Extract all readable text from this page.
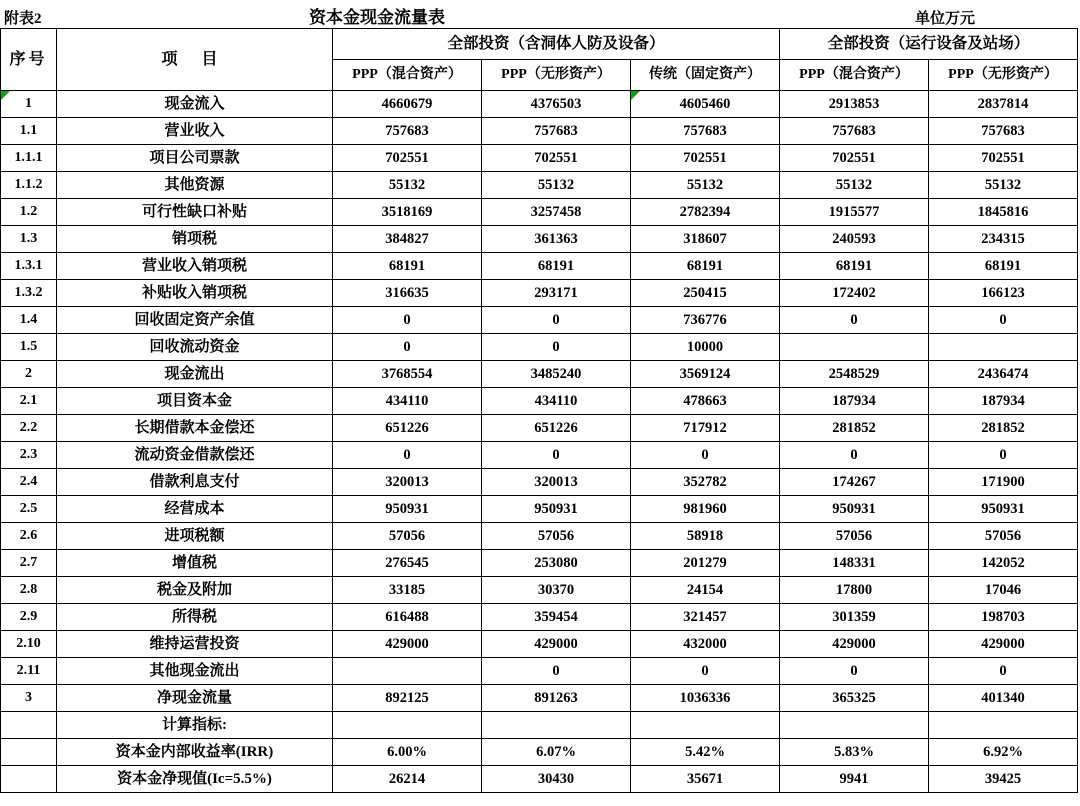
附表2	资本金现金流量表	单位万元
序号	项 目	全部投资（含洞体人防及设备）			全部投资（运行设备及站场）	
		PPP（混合资产）	PPP（无形资产）	传统（固定资产）	PPP（混合资产）	PPP（无形资产）
1	现金流入	4660679	4376503	4605460	2913853	2837814
1.1	营业收入	757683	757683	757683	757683	757683
1.1.1	项目公司票款	702551	702551	702551	702551	702551
1.1.2	其他资源	55132	55132	55132	55132	55132
1.2	可行性缺口补贴	3518169	3257458	2782394	1915577	1845816
1.3	销项税	384827	361363	318607	240593	234315
1.3.1	营业收入销项税	68191	68191	68191	68191	68191
1.3.2	补贴收入销项税	316635	293171	250415	172402	166123
1.4	回收固定资产余值	0	0	736776	0	0
1.5	回收流动资金	0	0	10000		
2	现金流出	3768554	3485240	3569124	2548529	2436474
2.1	项目资本金	434110	434110	478663	187934	187934
2.2	长期借款本金偿还	651226	651226	717912	281852	281852
2.3	流动资金借款偿还	0	0	0	0	0
2.4	借款利息支付	320013	320013	352782	174267	171900
2.5	经营成本	950931	950931	981960	950931	950931
2.6	进项税额	57056	57056	58918	57056	57056
2.7	增值税	276545	253080	201279	148331	142052
2.8	税金及附加	33185	30370	24154	17800	17046
2.9	所得税	616488	359454	321457	301359	198703
2.10	维持运营投资	429000	429000	432000	429000	429000
2.11	其他现金流出		0	0	0	0
3	净现金流量	892125	891263	1036336	365325	401340
	计算指标:					
	资本金内部收益率(IRR)	6.00%	6.07%	5.42%	5.83%	6.92%
	资本金净现值(Ic=5.5%)	26214	30430	35671	9941	39425
